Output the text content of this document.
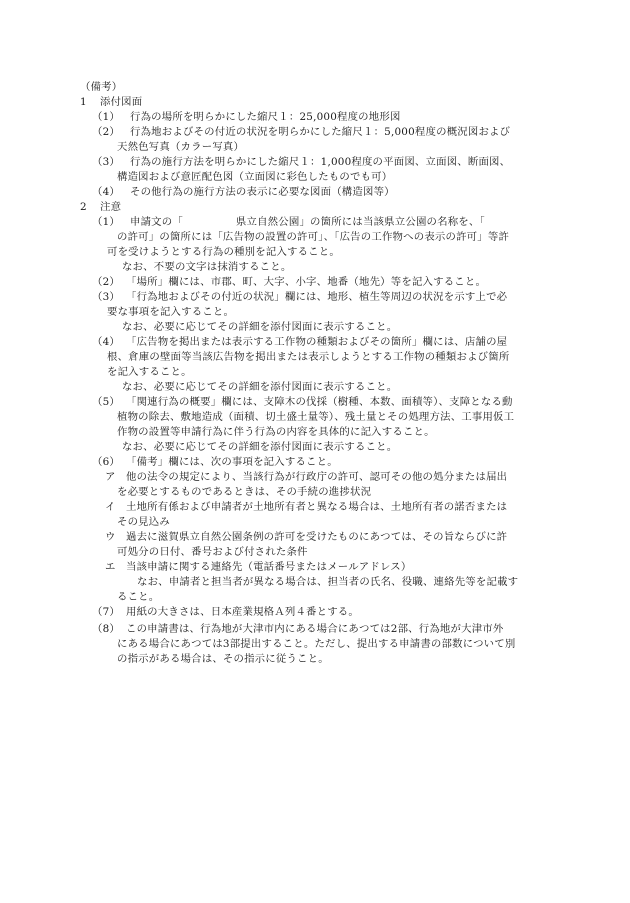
（備考）
1 添付図面
（1） 行為の場所を明らかにした縮尺１：25,000程度の地形図
（2） 行為地およびその付近の状況を明らかにした縮尺１：5,000程度の概況図および
天然色写真（カラー写真）
（3） 行為の施行方法を明らかにした縮尺１：1,000程度の平面図、立面図、断面図、
構造図および意匠配色図（立面図に彩色したものでも可）
（4） その他行為の施行方法の表示に必要な図面（構造図等）
2 注意
（1） 申請文の「　　　　　県立自然公園」の箇所には当該県立公園の名称を、「
の許可」の箇所には「広告物の設置の許可」、「広告の工作物への表示の許可」等許
可を受けようとする行為の種別を記入すること。
なお、不要の文字は抹消すること。
（2） 「場所」欄には、市郡、町、大字、小字、地番（地先）等を記入すること。
（3） 「行為地およびその付近の状況」欄には、地形、植生等周辺の状況を示す上で必
要な事項を記入すること。
なお、必要に応じてその詳細を添付図面に表示すること。
（4） 「広告物を掲出または表示する工作物の種類およびその箇所」欄には、店舗の屋
根、倉庫の壁面等当該広告物を掲出または表示しようとする工作物の種類および箇所
を記入すること。
なお、必要に応じてその詳細を添付図面に表示すること。
（5） 「関連行為の概要」欄には、支障木の伐採（樹種、本数、面積等）、支障となる動
植物の除去、敷地造成（面積、切土盛土量等）、残土量とその処理方法、工事用仮工
作物の設置等申請行為に伴う行為の内容を具体的に記入すること。
なお、必要に応じてその詳細を添付図面に表示すること。
（6） 「備考」欄には、次の事項を記入すること。
ア 他の法令の規定により、当該行為が行政庁の許可、認可その他の処分または届出
を必要とするものであるときは、その手続の進捗状況
イ 土地所有係および申請者が土地所有者と異なる場合は、土地所有者の諾否または
その見込み
ウ 過去に滋賀県立自然公園条例の許可を受けたものにあつては、その旨ならびに許
可処分の日付、番号および付された条件
エ 当該申請に関する連絡先（電話番号またはメールアドレス）
なお、申請者と担当者が異なる場合は、担当者の氏名、役職、連絡先等を記載す
ること。
（7） 用紙の大きさは、日本産業規格Ａ列４番とする。
（8） この申請書は、行為地が大津市内にある場合にあつては2部、行為地が大津市外
にある場合にあつては3部提出すること。ただし、提出する申請書の部数について別
の指示がある場合は、その指示に従うこと。
